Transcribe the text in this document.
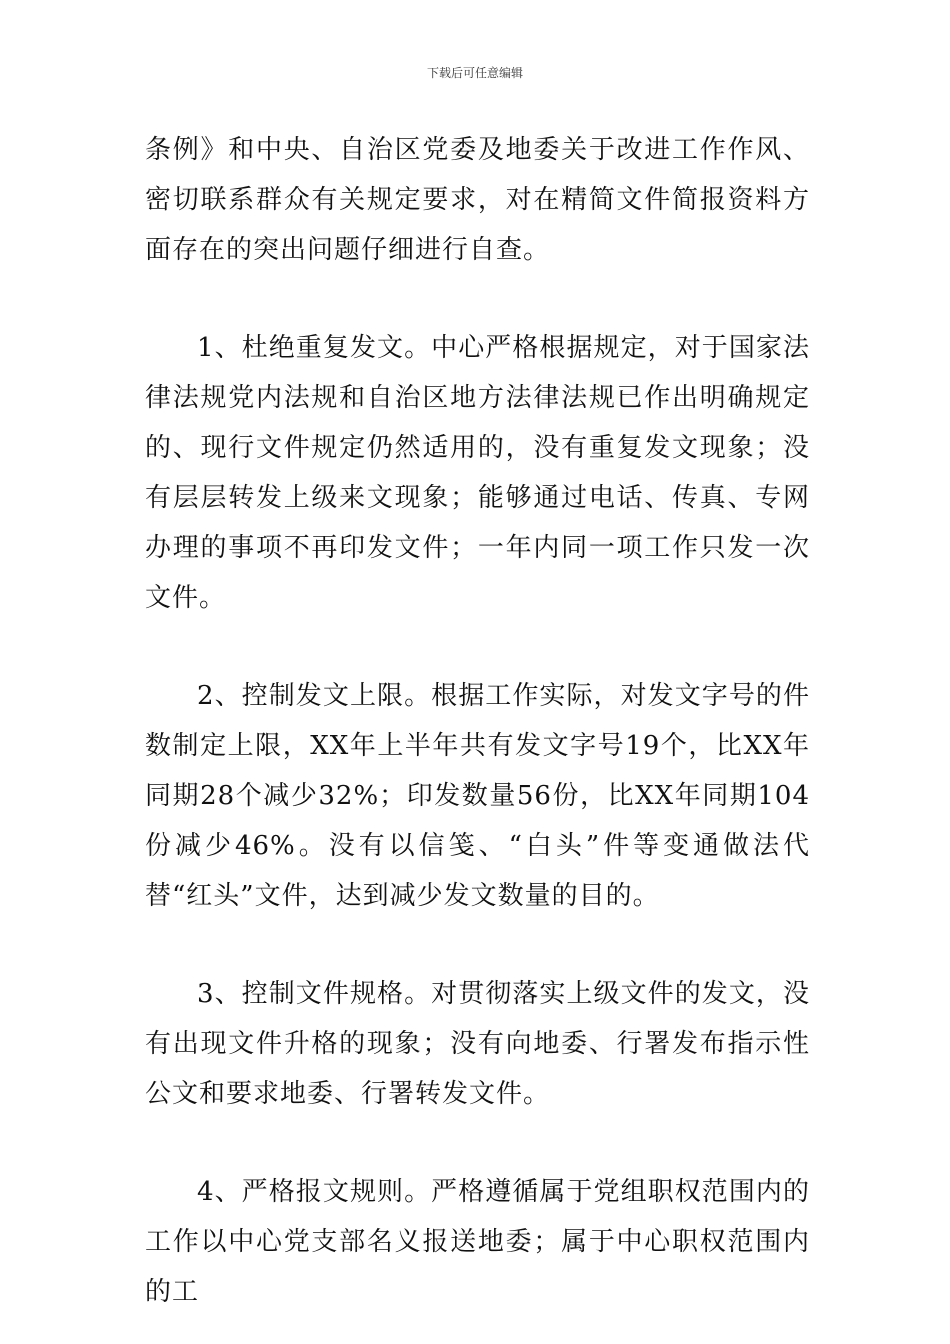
下载后可任意编辑

条例》和中央、自治区党委及地委关于改进工作作风、密切联系群众有关规定要求，对在精简文件简报资料方面存在的突出问题仔细进行自查。

1、杜绝重复发文。中心严格根据规定，对于国家法律法规党内法规和自治区地方法律法规已作出明确规定的、现行文件规定仍然适用的，没有重复发文现象；没有层层转发上级来文现象；能够通过电话、传真、专网办理的事项不再印发文件；一年内同一项工作只发一次文件。

2、控制发文上限。根据工作实际，对发文字号的件数制定上限，XX年上半年共有发文字号19个，比XX年同期28个减少32%；印发数量56份，比XX年同期104份减少46%。没有以信笺、“白头”件等变通做法代替“红头”文件，达到减少发文数量的目的。

3、控制文件规格。对贯彻落实上级文件的发文，没有出现文件升格的现象；没有向地委、行署发布指示性公文和要求地委、行署转发文件。

4、严格报文规则。严格遵循属于党组职权范围内的工作以中心党支部名义报送地委；属于中心职权范围内的工
